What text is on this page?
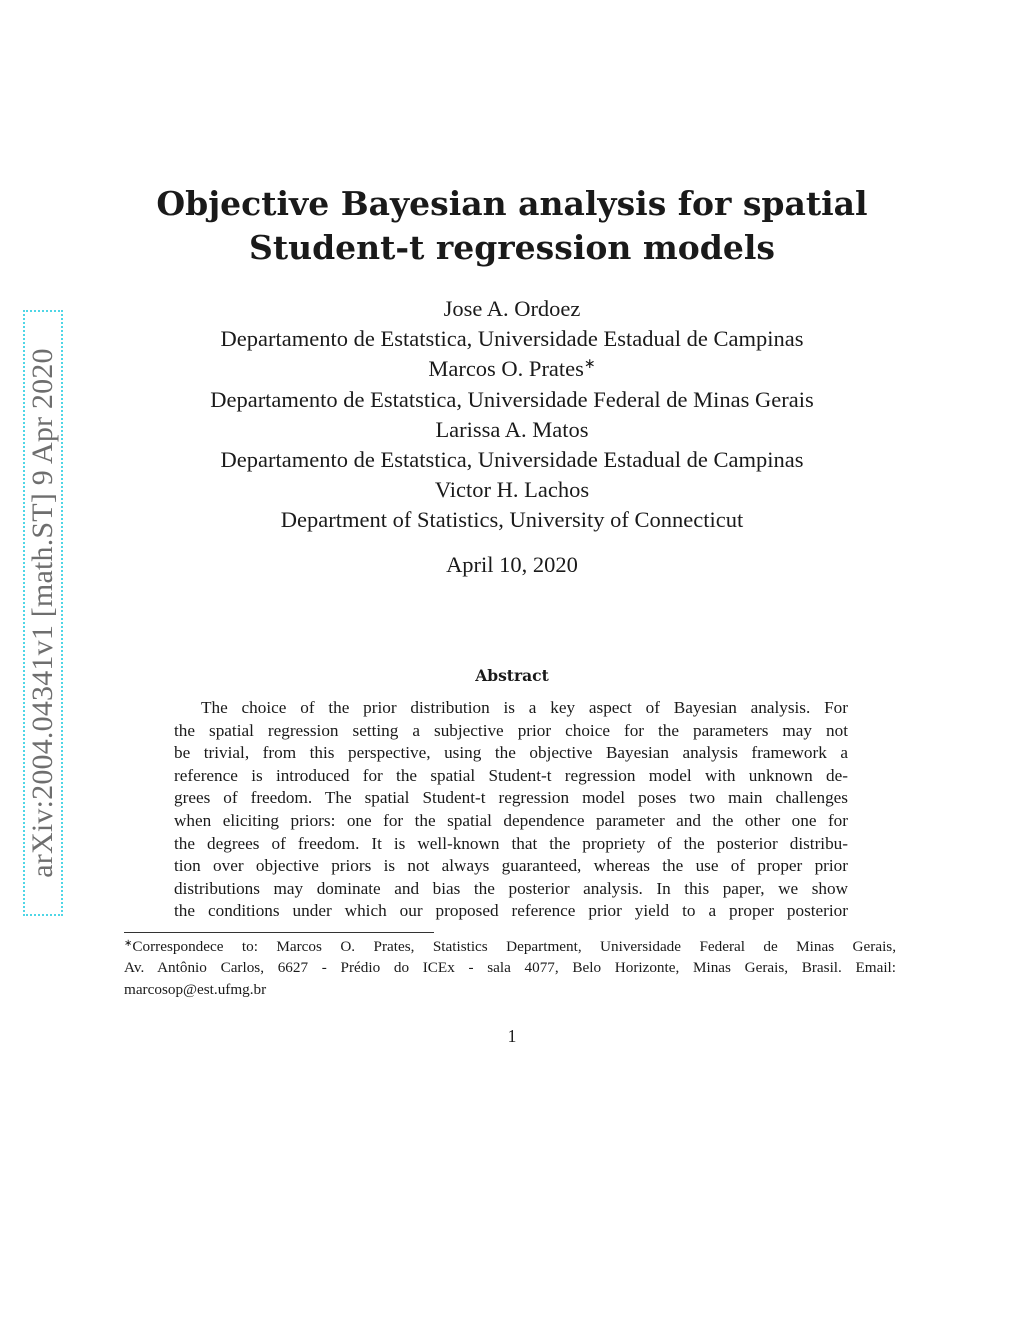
arXiv:2004.04341v1 [math.ST] 9 Apr 2020
Objective Bayesian analysis for spatial
Student-t regression models
Jose A. Ordoez
Departamento de Estatstica, Universidade Estadual de Campinas
Marcos O. Prates∗
Departamento de Estatstica, Universidade Federal de Minas Gerais
Larissa A. Matos
Departamento de Estatstica, Universidade Estadual de Campinas
Victor H. Lachos
Department of Statistics, University of Connecticut
April 10, 2020
Abstract
The choice of the prior distribution is a key aspect of Bayesian analysis. For
the spatial regression setting a subjective prior choice for the parameters may not
be trivial, from this perspective, using the objective Bayesian analysis framework a
reference is introduced for the spatial Student-t regression model with unknown de-
grees of freedom. The spatial Student-t regression model poses two main challenges
when eliciting priors: one for the spatial dependence parameter and the other one for
the degrees of freedom. It is well-known that the propriety of the posterior distribu-
tion over objective priors is not always guaranteed, whereas the use of proper prior
distributions may dominate and bias the posterior analysis. In this paper, we show
the conditions under which our proposed reference prior yield to a proper posterior
∗Correspondece to: Marcos O. Prates, Statistics Department, Universidade Federal de Minas Gerais,
Av. Antônio Carlos, 6627 - Prédio do ICEx - sala 4077, Belo Horizonte, Minas Gerais, Brasil. Email:
marcosop@est.ufmg.br
1
